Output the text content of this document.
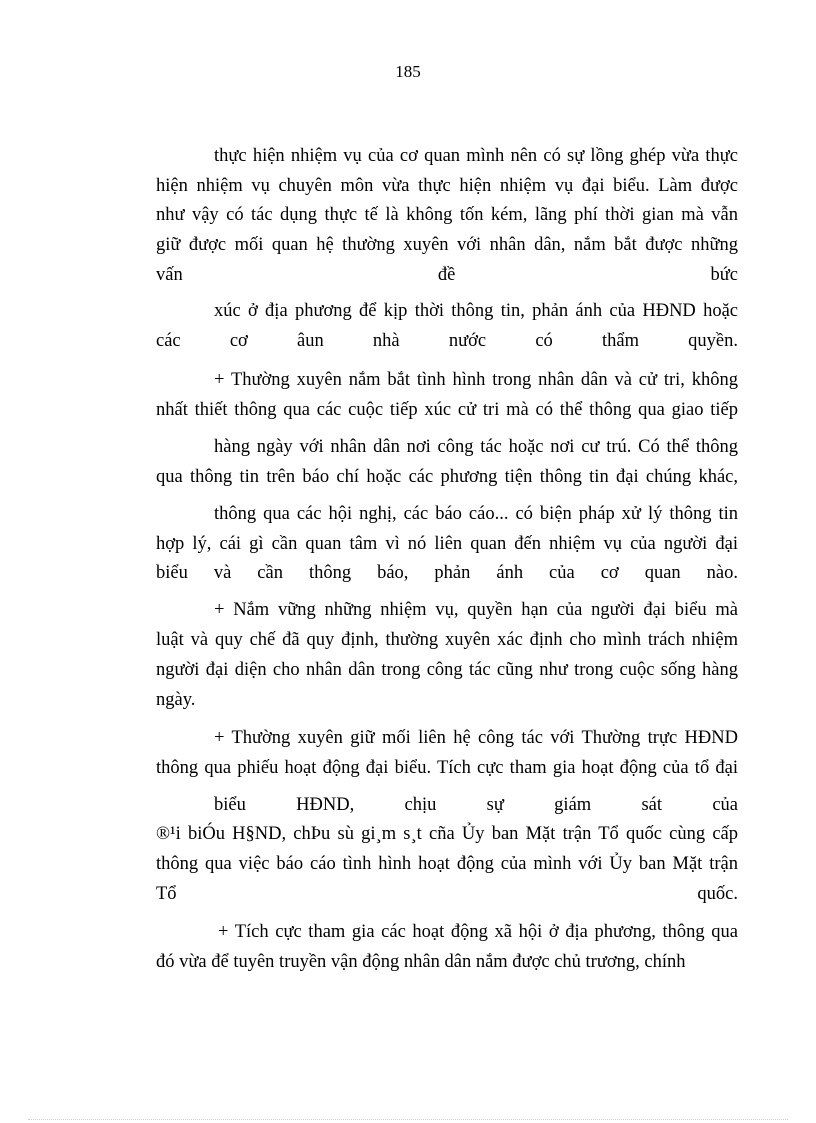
185
thực hiện nhiệm vụ của cơ quan mình nên có sự lồng ghép vừa thực
hiện nhiệm vụ chuyên môn vừa thực hiện nhiệm vụ đại biểu. Làm được
như vậy có tác dụng thực tế là không tốn kém, lãng phí thời gian mà vẫn
giữ được mối quan hệ thường xuyên với nhân dân, nắm bắt được những
vấn đề bức
xúc ở địa phương để kịp thời thông tin, phản ánh của HĐND hoặc
các cơ âun nhà nước có thẩm quyền.
+ Thường xuyên nắm bắt tình hình trong nhân dân và cử tri, không
nhất thiết thông qua các cuộc tiếp xúc cử tri mà có thể thông qua giao tiếp
hàng ngày với nhân dân nơi công tác hoặc nơi cư trú. Có thể thông
qua thông tin trên báo chí hoặc các phương tiện thông tin đại chúng khác,
thông qua các hội nghị, các báo cáo... có biện pháp xử lý thông tin
hợp lý, cái gì cần quan tâm vì nó liên quan đến nhiệm vụ của người đại
biểu và cần thông báo, phản ánh của cơ quan nào.
+ Nắm vững những nhiệm vụ, quyền hạn của người đại biểu mà
luật và quy chế đã quy định, thường xuyên xác định cho mình trách nhiệm
người đại diện cho nhân dân trong công tác cũng như trong cuộc sống hàng
ngày.
+ Thường xuyên giữ mối liên hệ công tác với Thường trực HĐND
thông qua phiếu hoạt động đại biểu. Tích cực tham gia hoạt động của tổ đại
biểu HĐND, chịu sự giám sát của
®¹i biÓu H§ND, chÞu sù gi¸m s¸t cña Ủy ban Mặt trận Tổ quốc cùng cấp
thông qua việc báo cáo tình hình hoạt động của mình với Ủy ban Mặt trận
Tổ quốc.
+ Tích cực tham gia các hoạt động xã hội ở địa phương, thông qua
đó vừa để tuyên truyền vận động nhân dân nắm được chủ trương, chính
